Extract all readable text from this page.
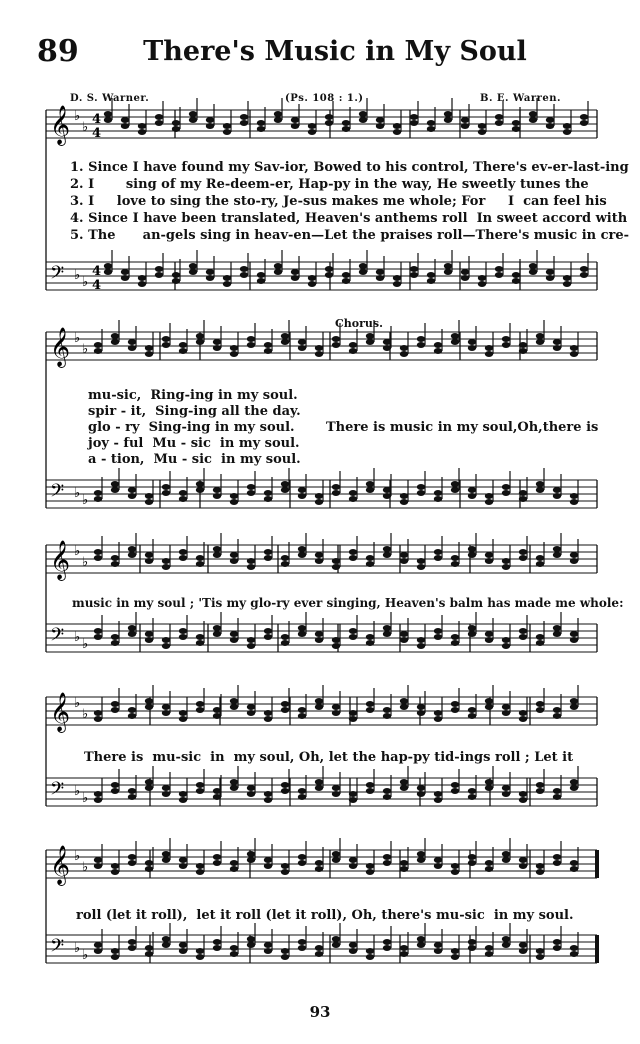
89	There's Music in My Soul
D. S. Warner.	(Ps. 108 : 1.)	B. E. Warren.
𝄞 ♭
♭
4
4
𝄢 ♭ ♭
4
4
𝄞 ♭
♭
𝄢 ♭ ♭
𝄞 ♭
♭
𝄢 ♭ ♭
𝄞 ♭
♭
𝄢 ♭ ♭
𝄞 ♭
♭
𝄢 ♭ ♭
1. Since I have found my Sav-ior, Bowed to his control, There's ev-er-last-ing
2. I       sing of my Re-deem-er, Hap-py in the way, He sweetly tunes the
3. I     love to sing the sto-ry, Je-sus makes me whole; For     I  can feel his
4. Since I have been translated, Heaven's anthems roll  In sweet accord with
5. The      an-gels sing in heav-en—Let the praises roll—There's music in cre-
Chorus.
mu-sic,  Ring-ing in my soul.
spir - it,  Sing-ing all the day.
glo - ry  Sing-ing in my soul.
joy - ful  Mu - sic  in my soul.
a - tion,  Mu - sic  in my soul.
There is music in my soul,Oh,there is
music in my soul ; 'Tis my glo-ry ever singing, Heaven's balm has made me whole:
There is  mu-sic  in  my soul, Oh, let the hap-py tid-ings roll ; Let it
roll (let it roll),  let it roll (let it roll), Oh, there's mu-sic  in my soul.
93
